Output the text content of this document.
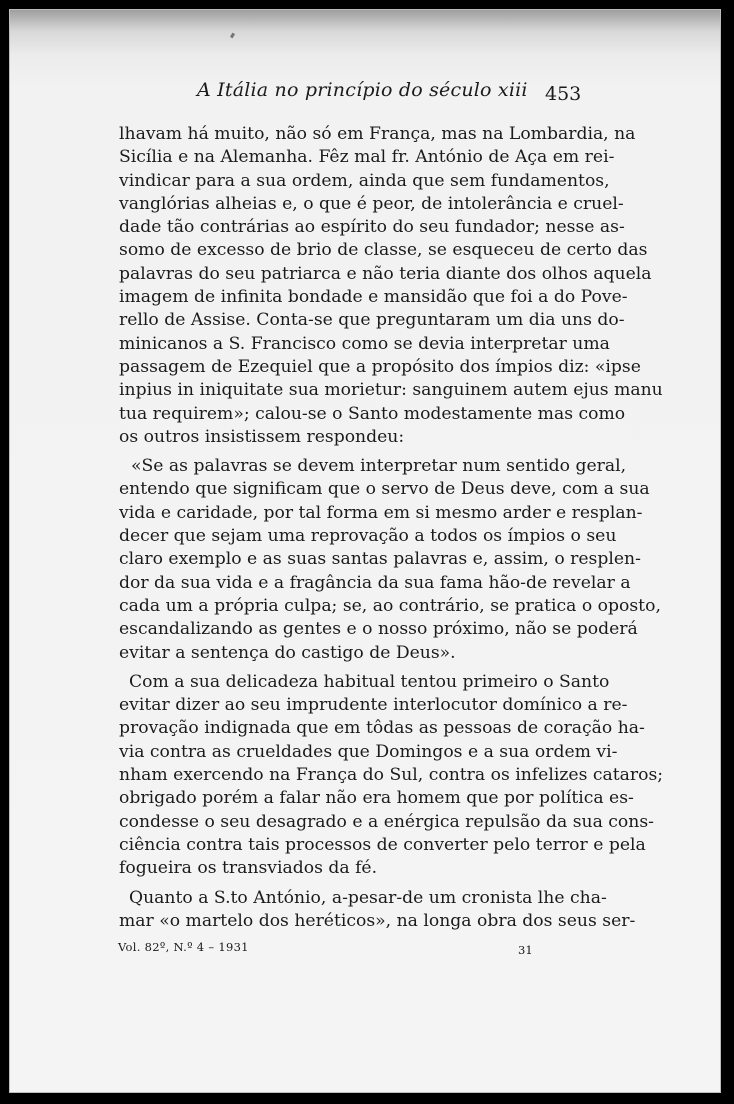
A Itália no princípio do século xiii 453
lhavam há muito, não só em França, mas na Lombardia, na
Sicília e na Alemanha. Fêz mal fr. António de Aça em rei-
vindicar para a sua ordem, ainda que sem fundamentos,
vanglórias alheias e, o que é peor, de intolerância e cruel-
dade tão contrárias ao espírito do seu fundador; nesse as-
somo de excesso de brio de classe, se esqueceu de certo das
palavras do seu patriarca e não teria diante dos olhos aquela
imagem de infinita bondade e mansidão que foi a do Pove-
rello de Assise. Conta-se que preguntaram um dia uns do-
minicanos a S. Francisco como se devia interpretar uma
passagem de Ezequiel que a propósito dos ímpios diz: «ipse
inpius in iniquitate sua morietur: sanguinem autem ejus manu
tua requirem»; calou-se o Santo modestamente mas como
os outros insistissem respondeu:
«Se as palavras se devem interpretar num sentido geral,
entendo que significam que o servo de Deus deve, com a sua
vida e caridade, por tal forma em si mesmo arder e resplan-
decer que sejam uma reprovação a todos os ímpios o seu
claro exemplo e as suas santas palavras e, assim, o resplen-
dor da sua vida e a fragância da sua fama hão-de revelar a
cada um a própria culpa; se, ao contrário, se pratica o oposto,
escandalizando as gentes e o nosso próximo, não se poderá
evitar a sentença do castigo de Deus».
Com a sua delicadeza habitual tentou primeiro o Santo
evitar dizer ao seu imprudente interlocutor domínico a re-
provação indignada que em tôdas as pessoas de coração ha-
via contra as crueldades que Domingos e a sua ordem vi-
nham exercendo na França do Sul, contra os infelizes cataros;
obrigado porém a falar não era homem que por política es-
condesse o seu desagrado e a enérgica repulsão da sua cons-
ciência contra tais processos de converter pelo terror e pela
fogueira os transviados da fé.
Quanto a S.to António, a-pesar-de um cronista lhe cha-
mar «o martelo dos heréticos», na longa obra dos seus ser-
Vol. 82º, N.º 4 – 1931	31
